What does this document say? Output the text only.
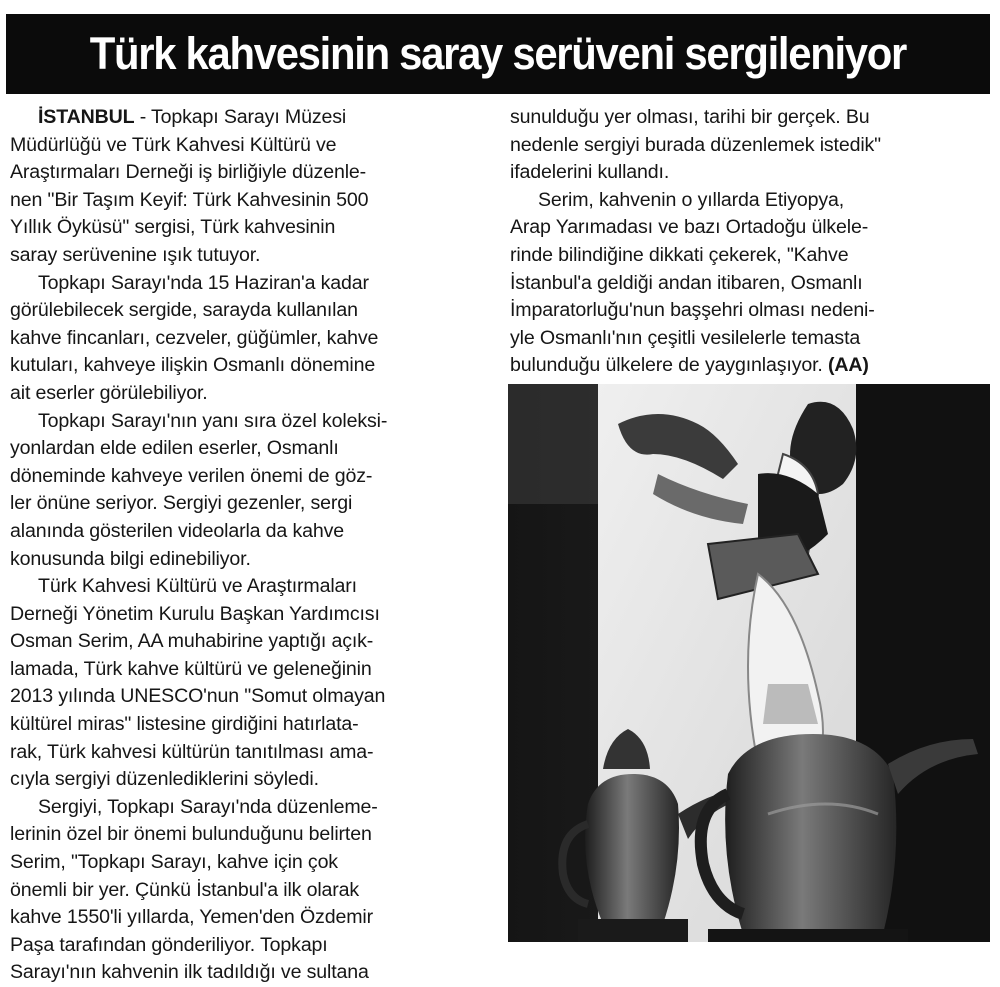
Türk kahvesinin saray serüveni sergileniyor
İSTANBUL - Topkapı Sarayı Müzesi
Müdürlüğü ve Türk Kahvesi Kültürü ve
Araştırmaları Derneği iş birliğiyle düzenle-
nen "Bir Taşım Keyif: Türk Kahvesinin 500
Yıllık Öyküsü" sergisi, Türk kahvesinin
saray serüvenine ışık tutuyor.
Topkapı Sarayı'nda 15 Haziran'a kadar
görülebilecek sergide, sarayda kullanılan
kahve fincanları, cezveler, güğümler, kahve
kutuları, kahveye ilişkin Osmanlı dönemine
ait eserler görülebiliyor.
Topkapı Sarayı'nın yanı sıra özel koleksi-
yonlardan elde edilen eserler, Osmanlı
döneminde kahveye verilen önemi de göz-
ler önüne seriyor. Sergiyi gezenler, sergi
alanında gösterilen videolarla da kahve
konusunda bilgi edinebiliyor.
Türk Kahvesi Kültürü ve Araştırmaları
Derneği Yönetim Kurulu Başkan Yardımcısı
Osman Serim, AA muhabirine yaptığı açık-
lamada, Türk kahve kültürü ve geleneğinin
2013 yılında UNESCO'nun "Somut olmayan
kültürel miras" listesine girdiğini hatırlata-
rak, Türk kahvesi kültürün tanıtılması ama-
cıyla sergiyi düzenlediklerini söyledi.
Sergiyi, Topkapı Sarayı'nda düzenleme-
lerinin özel bir önemi bulunduğunu belirten
Serim, "Topkapı Sarayı, kahve için çok
önemli bir yer. Çünkü İstanbul'a ilk olarak
kahve 1550'li yıllarda, Yemen'den Özdemir
Paşa tarafından gönderiliyor. Topkapı
Sarayı'nın kahvenin ilk tadıldığı ve sultana
sunulduğu yer olması, tarihi bir gerçek. Bu
nedenle sergiyi burada düzenlemek istedik"
ifadelerini kullandı.
Serim, kahvenin o yıllarda Etiyopya,
Arap Yarımadası ve bazı Ortadoğu ülkele-
rinde bilindiğine dikkati çekerek, "Kahve
İstanbul'a geldiği andan itibaren, Osmanlı
İmparatorluğu'nun başşehri olması nedeni-
yle Osmanlı'nın çeşitli vesilelerle temasta
bulunduğu ülkelere de yaygınlaşıyor. (AA)
